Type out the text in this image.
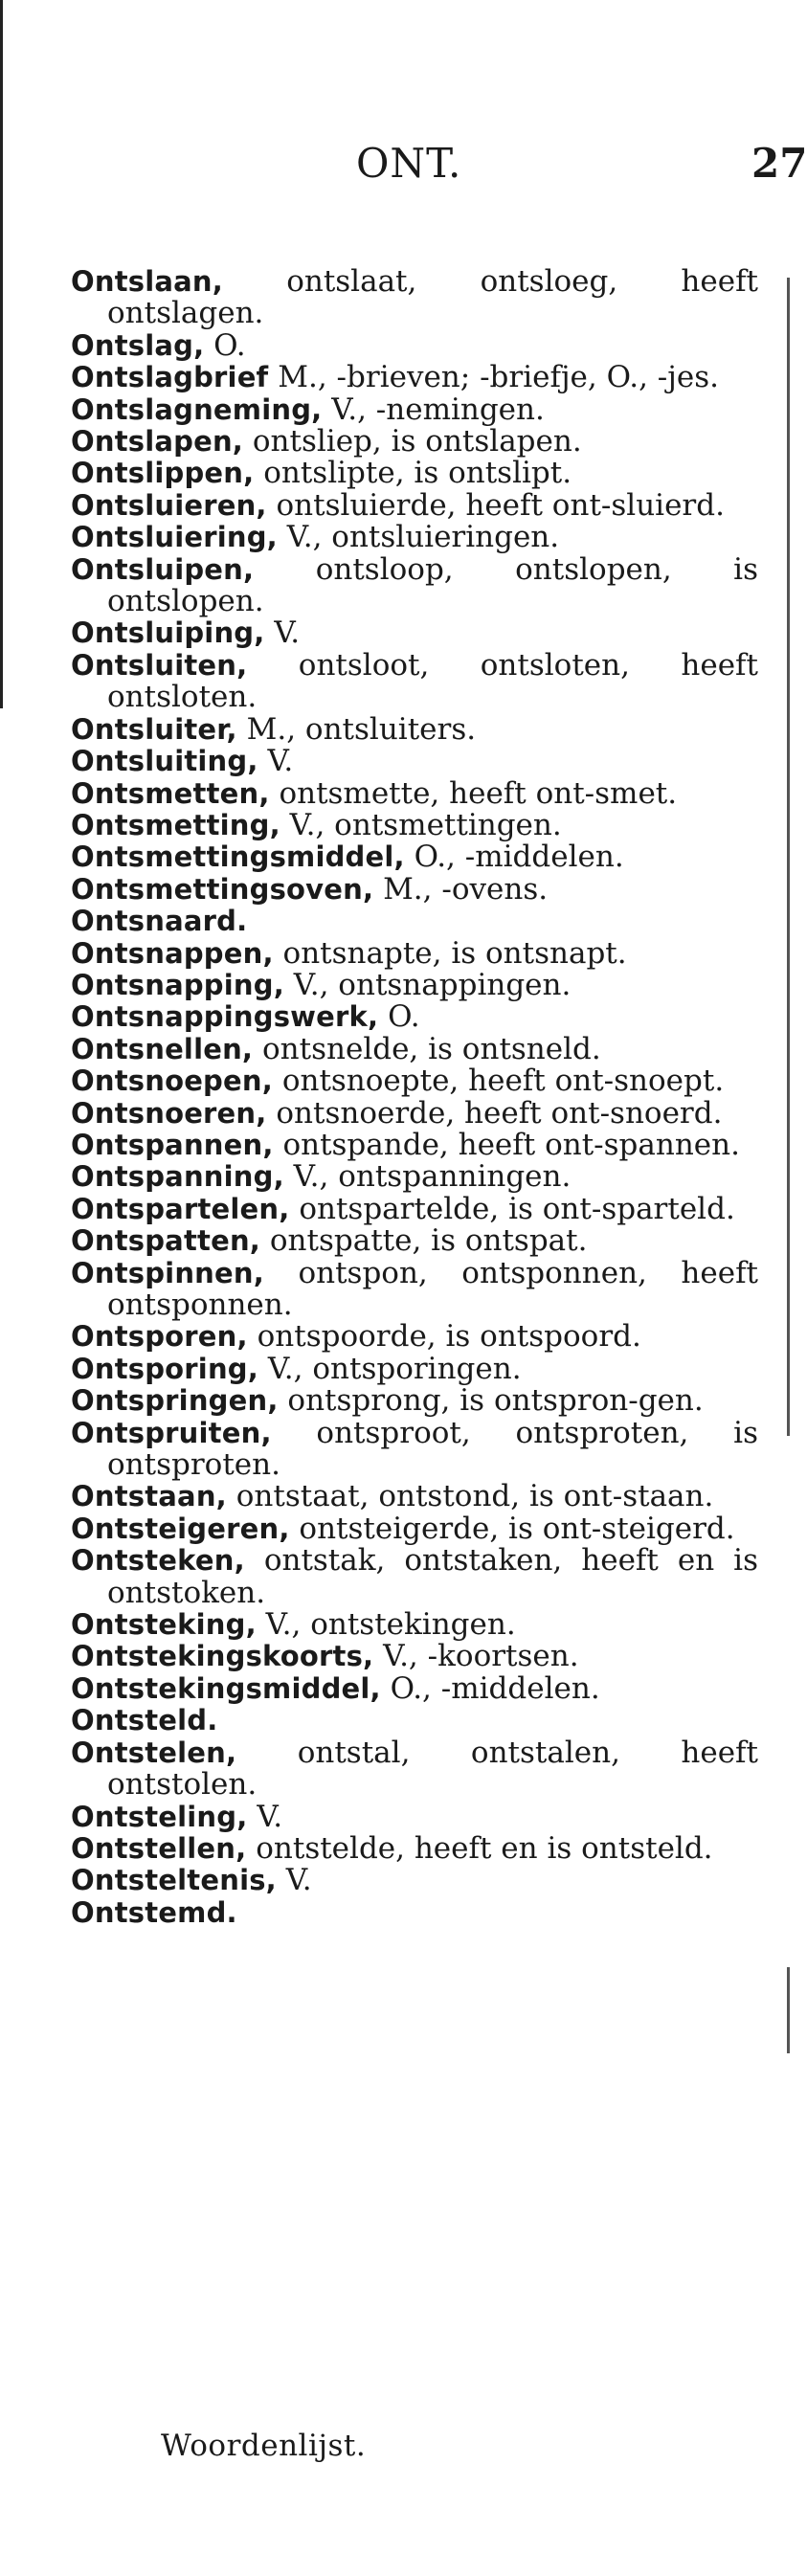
ONT.	27
Ontslaan, ontslaat, ontsloeg, heeft ontslagen.
Ontslag, O.
Ontslagbrief M., -brieven; -briefje, O., -jes.
Ontslagneming, V., -nemingen.
Ontslapen, ontsliep, is ontslapen.
Ontslippen, ontslipte, is ontslipt.
Ontsluieren, ontsluierde, heeft ont-sluierd.
Ontsluiering, V., ontsluieringen.
Ontsluipen, ontsloop, ontslopen, is ontslopen.
Ontsluiping, V.
Ontsluiten, ontsloot, ontsloten, heeft ontsloten.
Ontsluiter, M., ontsluiters.
Ontsluiting, V.
Ontsmetten, ontsmette, heeft ont-smet.
Ontsmetting, V., ontsmettingen.
Ontsmettingsmiddel, O., -middelen.
Ontsmettingsoven, M., -ovens.
Ontsnaard.
Ontsnappen, ontsnapte, is ontsnapt.
Ontsnapping, V., ontsnappingen.
Ontsnappingswerk, O.
Ontsnellen, ontsnelde, is ontsneld.
Ontsnoepen, ontsnoepte, heeft ont-snoept.
Ontsnoeren, ontsnoerde, heeft ont-snoerd.
Ontspannen, ontspande, heeft ont-spannen.
Ontspanning, V., ontspanningen.
Ontspartelen, ontspartelde, is ont-sparteld.
Ontspatten, ontspatte, is ontspat.
Ontspinnen, ontspon, ontsponnen, heeft ontsponnen.
Ontsporen, ontspoorde, is ontspoord.
Ontsporing, V., ontsporingen.
Ontspringen, ontsprong, is ontspron-gen.
Ontspruiten, ontsproot, ontsproten, is ontsproten.
Ontstaan, ontstaat, ontstond, is ont-staan.
Ontsteigeren, ontsteigerde, is ont-steigerd.
Ontsteken, ontstak, ontstaken, heeft en is ontstoken.
Ontsteking, V., ontstekingen.
Ontstekingskoorts, V., -koortsen.
Ontstekingsmiddel, O., -middelen.
Ontsteld.
Ontstelen, ontstal, ontstalen, heeft ontstolen.
Ontsteling, V.
Ontstellen, ontstelde, heeft en is ontsteld.
Ontsteltenis, V.
Ontstemd.
Woordenlijst.
